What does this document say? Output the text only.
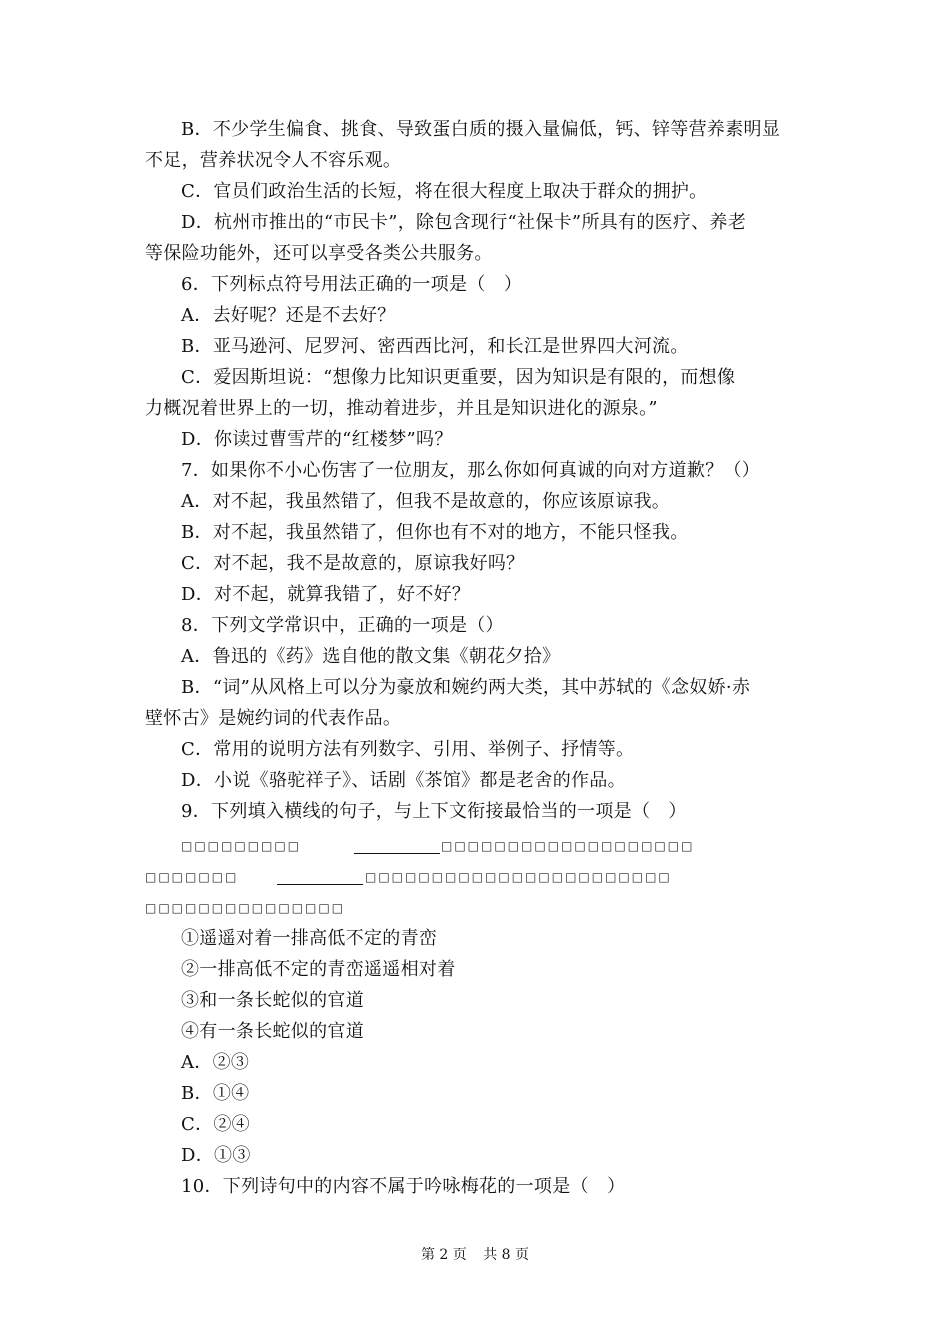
B．不少学生偏食、挑食、导致蛋白质的摄入量偏低，钙、锌等营养素明显
不足，营养状况令人不容乐观。
C．官员们政治生活的长短，将在很大程度上取决于群众的拥护。
D．杭州市推出的“市民卡”，除包含现行“社保卡”所具有的医疗、养老
等保险功能外，还可以享受各类公共服务。
6．下列标点符号用法正确的一项是（　）
A．去好呢？还是不去好？
B．亚马逊河、尼罗河、密西西比河，和长江是世界四大河流。
C．爱因斯坦说：“想像力比知识更重要，因为知识是有限的，而想像
力概况着世界上的一切，推动着进步，并且是知识进化的源泉。”
D．你读过曹雪芹的“红楼梦”吗？
7．如果你不小心伤害了一位朋友，那么你如何真诚的向对方道歉？（）
A．对不起，我虽然错了，但我不是故意的，你应该原谅我。
B．对不起，我虽然错了，但你也有不对的地方，不能只怪我。
C．对不起，我不是故意的，原谅我好吗？
D．对不起，就算我错了，好不好？
8．下列文学常识中，正确的一项是（）
A．鲁迅的《药》选自他的散文集《朝花夕拾》
B．“词”从风格上可以分为豪放和婉约两大类，其中苏轼的《念奴娇·赤
壁怀古》是婉约词的代表作品。
C．常用的说明方法有列数字、引用、举例子、抒情等。
D．小说《骆驼祥子》、话剧《茶馆》都是老舍的作品。
9．下列填入横线的句子，与上下文衔接最恰当的一项是（　）
□□□□□□□□□	□□□□□□□□□□□□□□□□□□□
□□□□□□□	□□□□□□□□□□□□□□□□□□□□□□□
□□□□□□□□□□□□□□□
①遥遥对着一排高低不定的青峦
②一排高低不定的青峦遥遥相对着
③和一条长蛇似的官道
④有一条长蛇似的官道
A．②③
B．①④
C．②④
D．①③
10．下列诗句中的内容不属于吟咏梅花的一项是（　）
第 2 页 共 8 页
